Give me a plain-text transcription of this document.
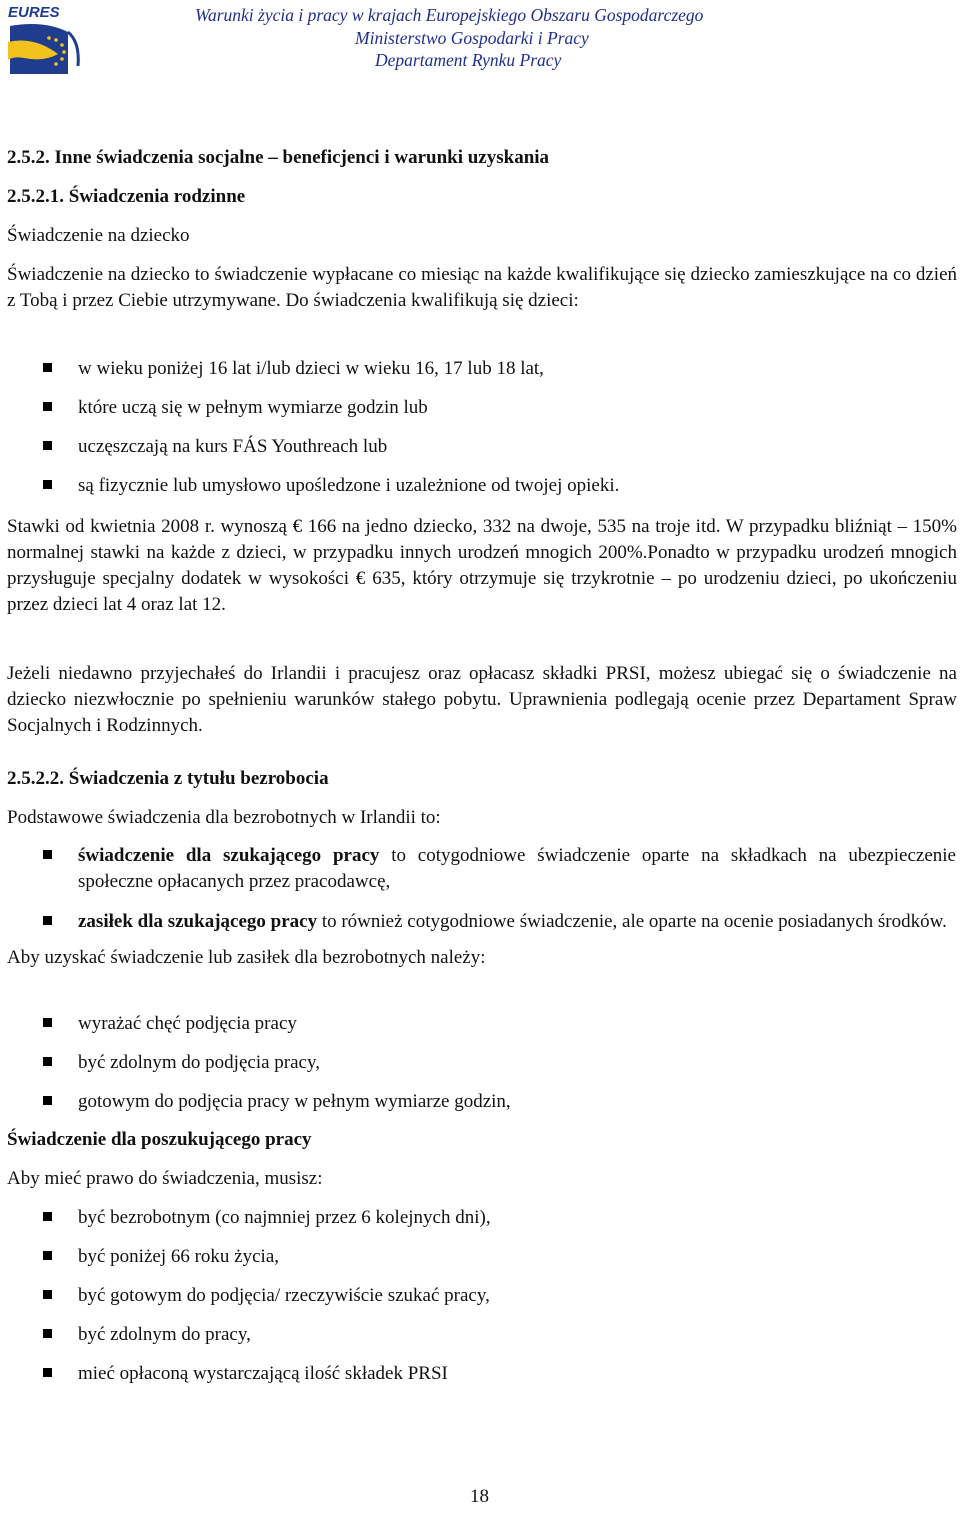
EURES	Warunki życia i pracy w krajach Europejskiego Obszaru Gospodarczego
Ministerstwo Gospodarki i Pracy
Departament Rynku Pracy
2.5.2. Inne świadczenia socjalne – beneficjenci i warunki uzyskania
2.5.2.1. Świadczenia rodzinne
Świadczenie na dziecko
Świadczenie na dziecko to świadczenie wypłacane co miesiąc na każde kwalifikujące się dziecko zamieszkujące na co dzień z Tobą i przez Ciebie utrzymywane. Do świadczenia kwalifikują się dzieci:
w wieku poniżej 16 lat i/lub dzieci w wieku 16, 17 lub 18 lat,
które uczą się w pełnym wymiarze godzin lub
uczęszczają na kurs FÁS Youthreach lub
są fizycznie lub umysłowo upośledzone i uzależnione od twojej opieki.
Stawki od kwietnia 2008 r. wynoszą € 166 na jedno dziecko, 332 na dwoje, 535 na troje itd. W przypadku bliźniąt – 150% normalnej stawki na każde z dzieci, w przypadku innych urodzeń mnogich 200%.Ponadto w przypadku urodzeń mnogich przysługuje specjalny dodatek w wysokości € 635, który otrzymuje się trzykrotnie – po urodzeniu dzieci, po ukończeniu przez dzieci lat 4 oraz lat 12.
Jeżeli niedawno przyjechałeś do Irlandii i pracujesz oraz opłacasz składki PRSI, możesz ubiegać się o świadczenie na dziecko niezwłocznie po spełnieniu warunków stałego pobytu. Uprawnienia podlegają ocenie przez Departament Spraw Socjalnych i Rodzinnych.
2.5.2.2. Świadczenia z tytułu bezrobocia
Podstawowe świadczenia dla bezrobotnych w Irlandii to:
świadczenie dla szukającego pracy to cotygodniowe świadczenie oparte na składkach na ubezpieczenie społeczne opłacanych przez pracodawcę,
zasiłek dla szukającego pracy to również cotygodniowe świadczenie, ale oparte na ocenie posiadanych środków.
Aby uzyskać świadczenie lub zasiłek dla bezrobotnych należy:
wyrażać chęć podjęcia pracy
być zdolnym do podjęcia pracy,
gotowym do podjęcia pracy w pełnym wymiarze godzin,
Świadczenie dla poszukującego pracy
Aby mieć prawo do świadczenia, musisz:
być bezrobotnym (co najmniej przez 6 kolejnych dni),
być poniżej 66 roku życia,
być gotowym do podjęcia/ rzeczywiście szukać pracy,
być zdolnym do pracy,
mieć opłaconą wystarczającą ilość składek PRSI
18
